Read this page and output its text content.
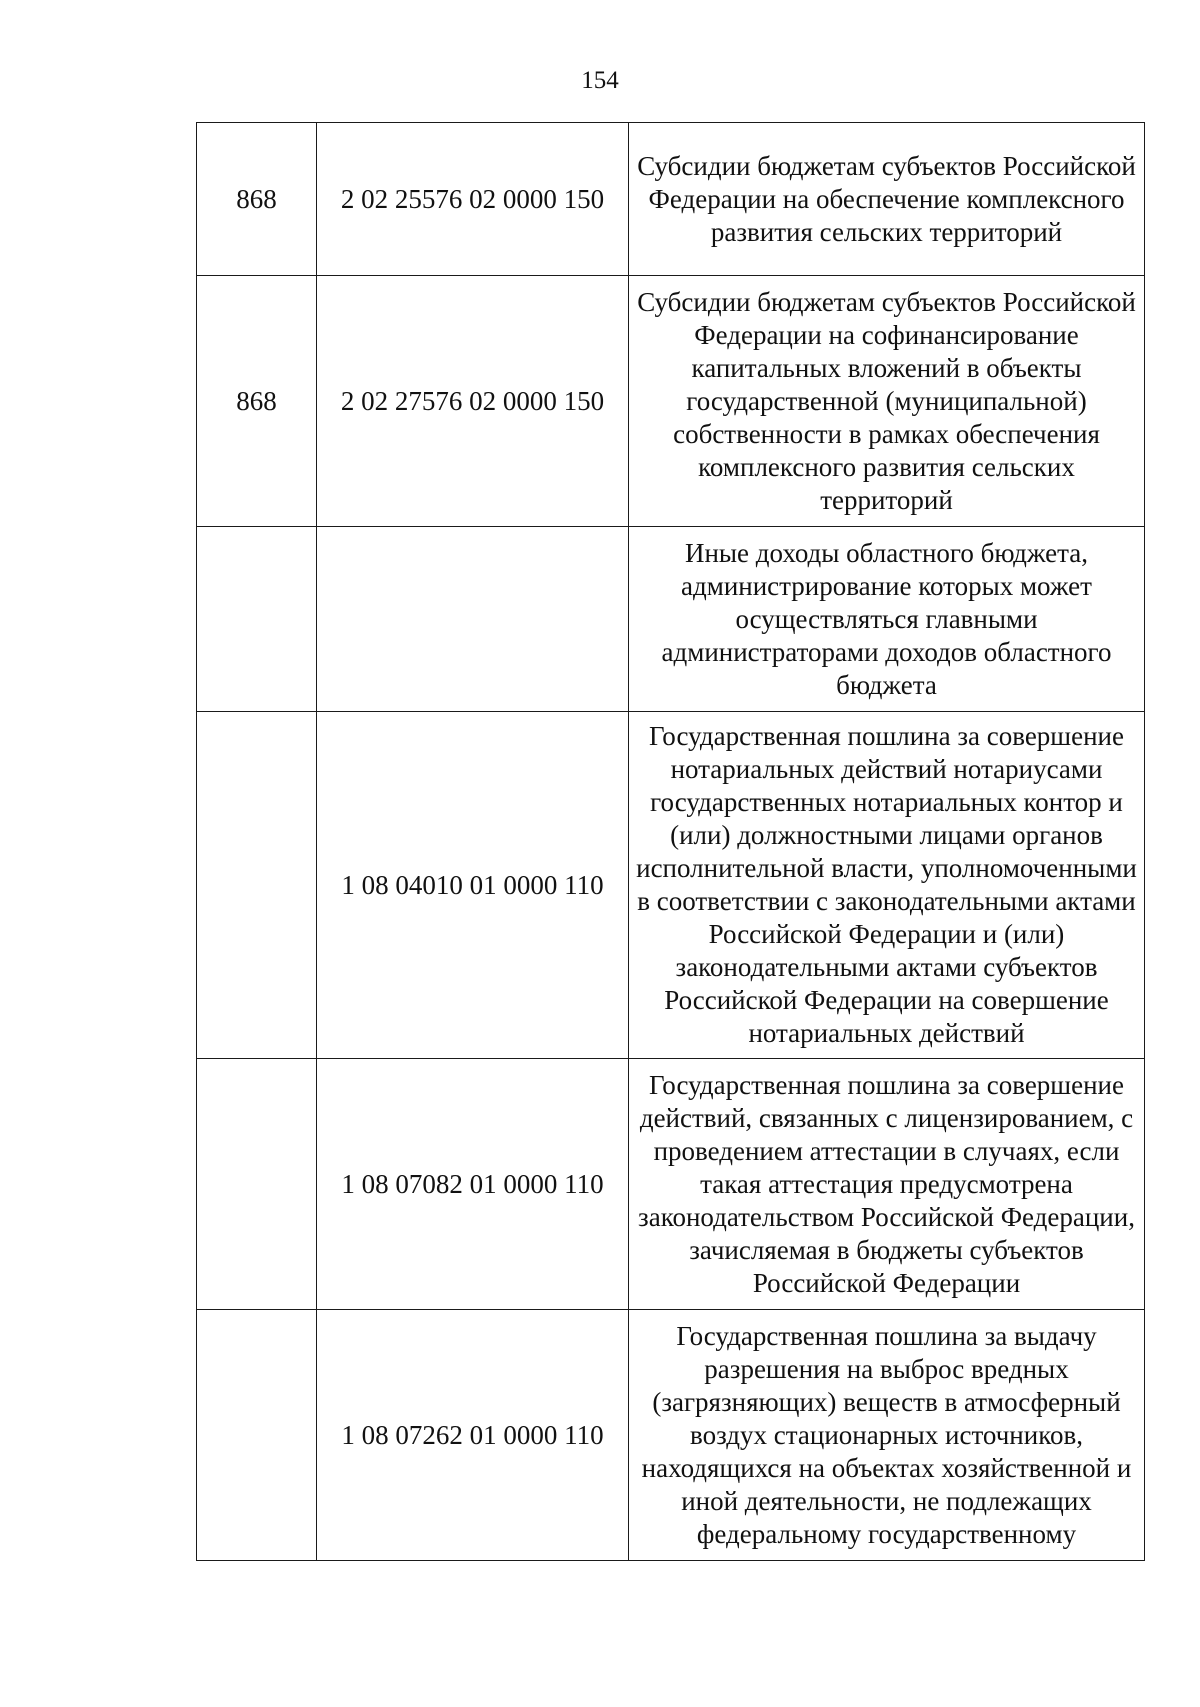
154
868	2 02 25576 02 0000 150	Субсидии бюджетам субъектов Российской Федерации на обеспечение комплексного развития сельских территорий
868	2 02 27576 02 0000 150	Субсидии бюджетам субъектов Российской Федерации на софинансирование капитальных вложений в объекты государственной (муниципальной) собственности в рамках обеспечения комплексного развития сельских территорий
		Иные доходы областного бюджета, администрирование которых может осуществляться главными администраторами доходов областного бюджета
	1 08 04010 01 0000 110	Государственная пошлина за совершение нотариальных действий нотариусами государственных нотариальных контор и (или) должностными лицами органов исполнительной власти, уполномоченными в соответствии с законодательными актами Российской Федерации и (или) законодательными актами субъектов Российской Федерации на совершение нотариальных действий
	1 08 07082 01 0000 110	Государственная пошлина за совершение действий, связанных с лицензированием, с проведением аттестации в случаях, если такая аттестация предусмотрена законодательством Российской Федерации, зачисляемая в бюджеты субъектов Российской Федерации
	1 08 07262 01 0000 110	Государственная пошлина за выдачу разрешения на выброс вредных (загрязняющих) веществ в атмосферный воздух стационарных источников, находящихся на объектах хозяйственной и иной деятельности, не подлежащих федеральному государственному
